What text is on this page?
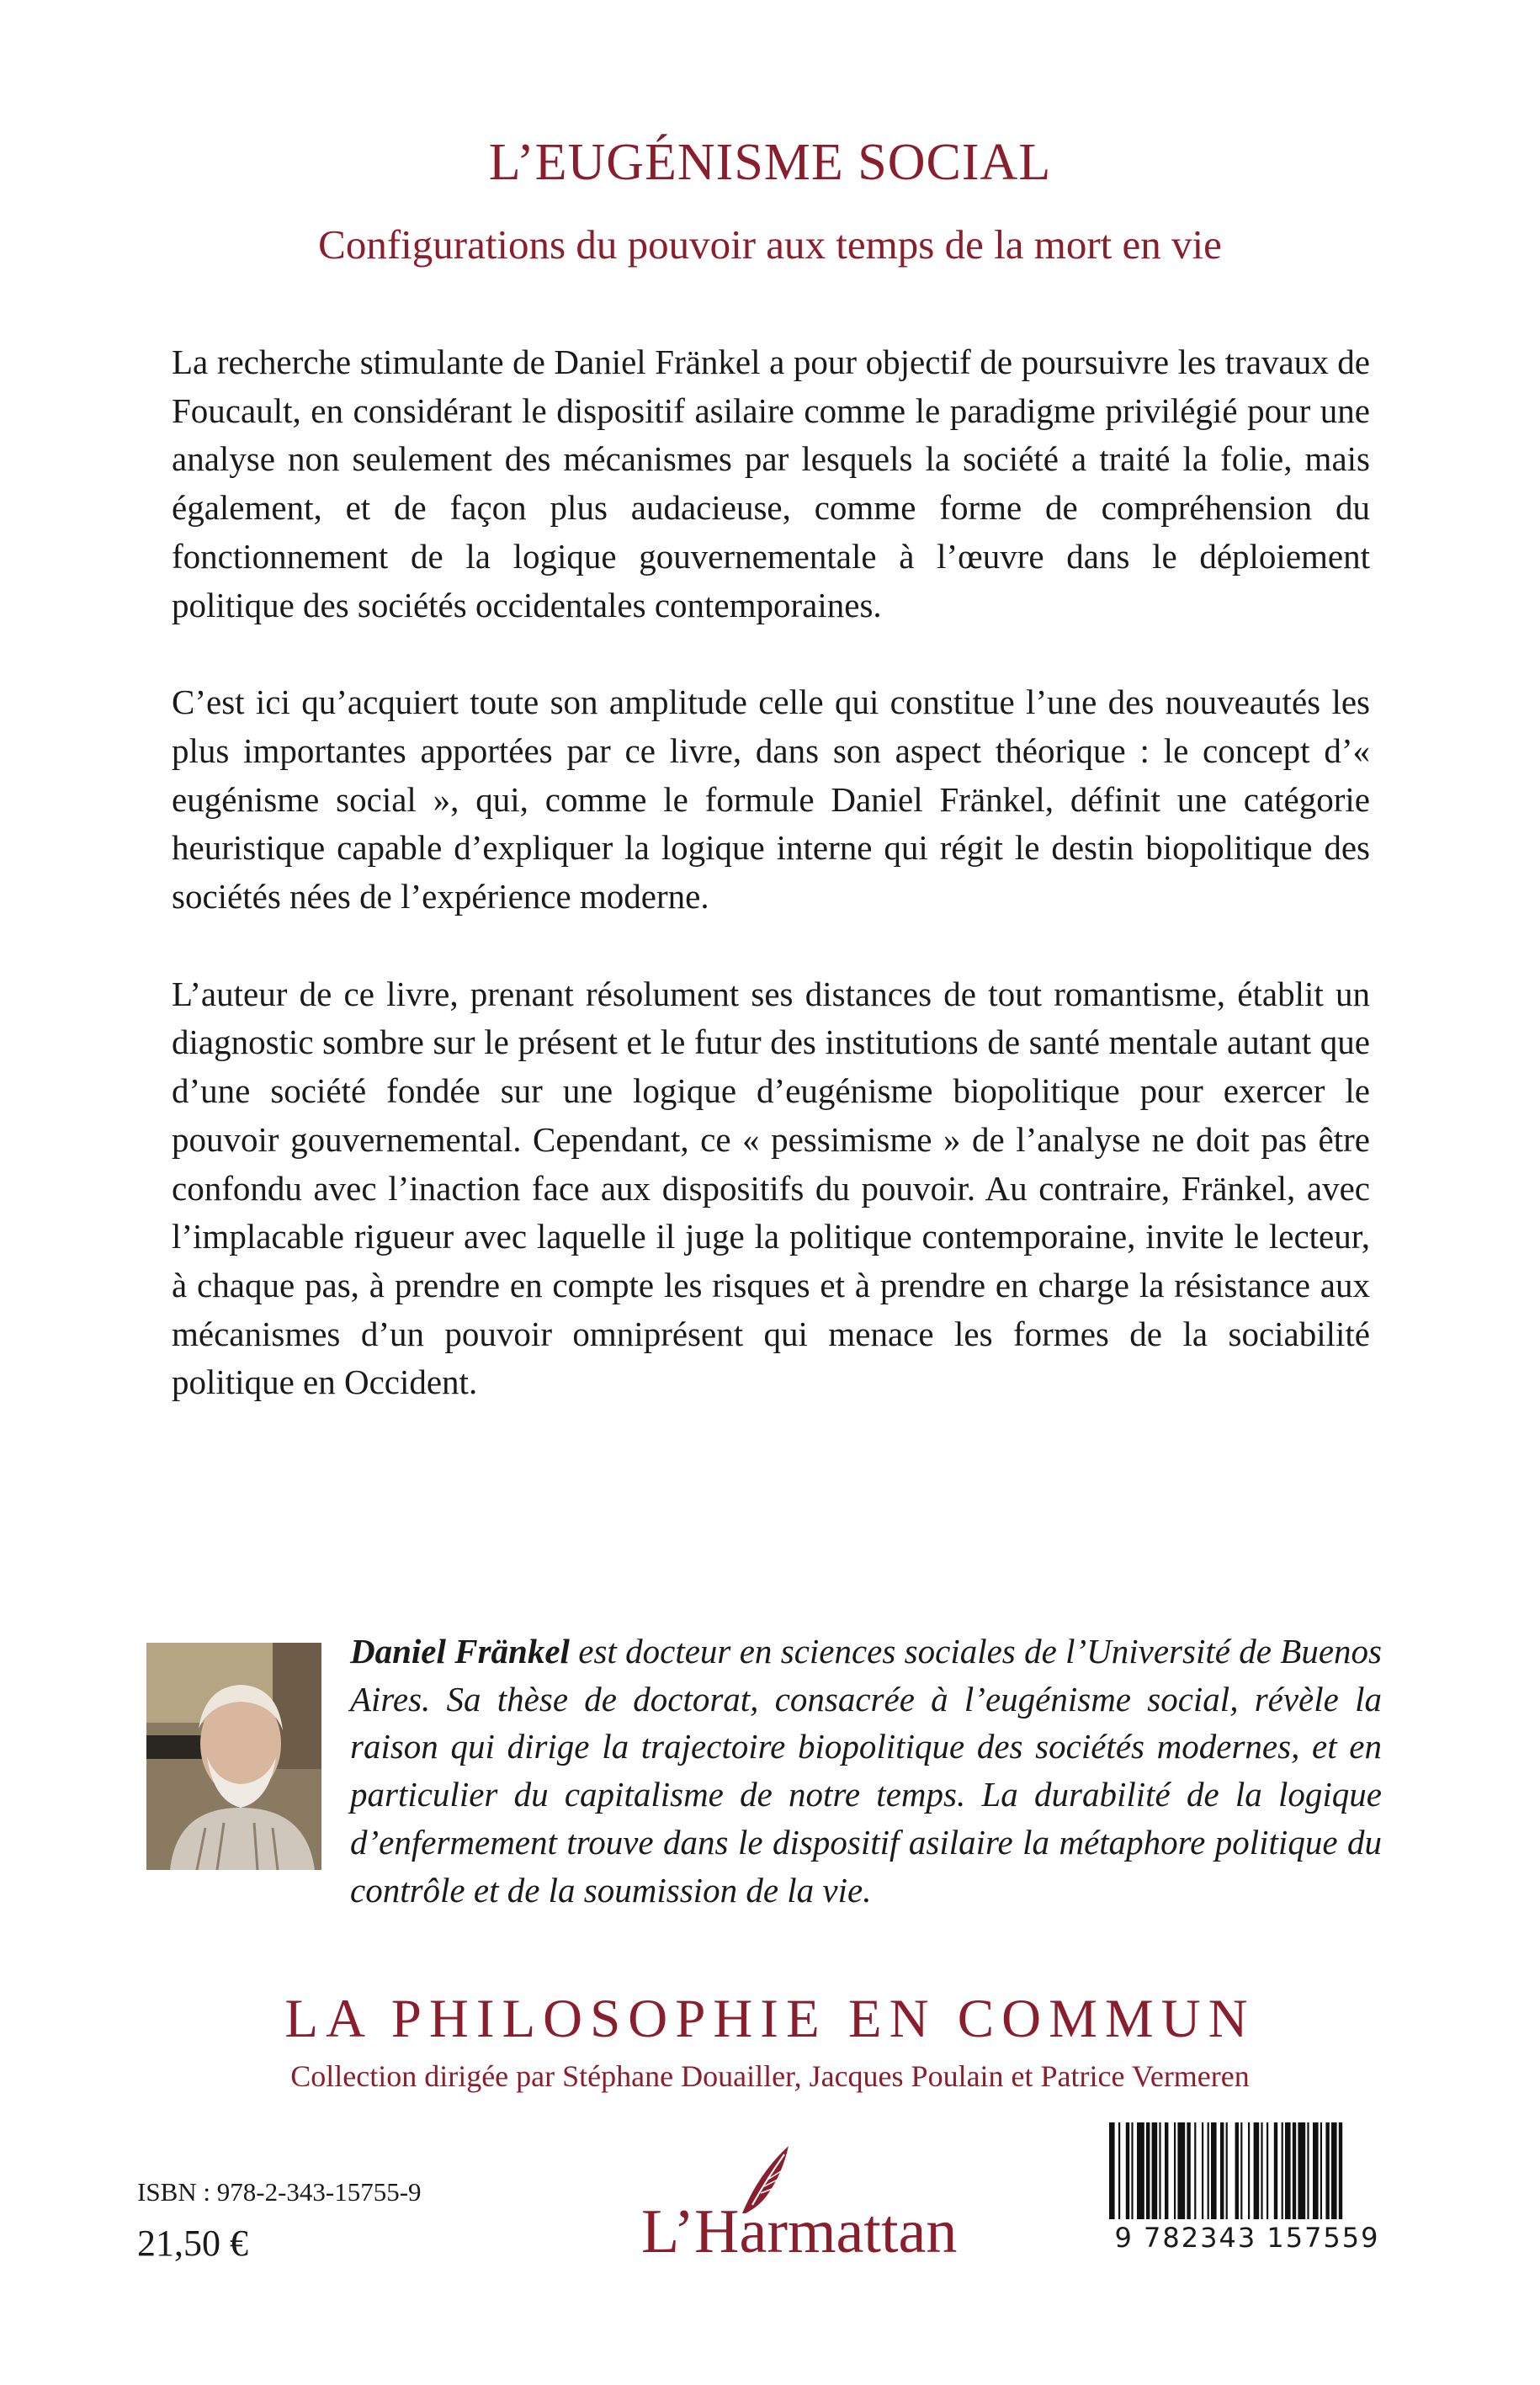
L’EUGÉNISME SOCIAL
Configurations du pouvoir aux temps de la mort en vie

La recherche stimulante de Daniel Fränkel a pour objectif de poursuivre les travaux de Foucault, en considérant le dispositif asilaire comme le paradigme privilégié pour une analyse non seulement des mécanismes par lesquels la société a traité la folie, mais également, et de façon plus audacieuse, comme forme de compréhension du fonctionnement de la logique gouvernementale à l’œuvre dans le déploiement politique des sociétés occidentales contemporaines.

C’est ici qu’acquiert toute son amplitude celle qui constitue l’une des nouveautés les plus importantes apportées par ce livre, dans son aspect théorique : le concept d’« eugénisme social », qui, comme le formule Daniel Fränkel, définit une catégorie heuristique capable d’expliquer la logique interne qui régit le destin biopolitique des sociétés nées de l’expérience moderne.

L’auteur de ce livre, prenant résolument ses distances de tout romantisme, établit un diagnostic sombre sur le présent et le futur des institutions de santé mentale autant que d’une société fondée sur une logique d’eugénisme biopolitique pour exercer le pouvoir gouvernemental. Cependant, ce « pessimisme » de l’analyse ne doit pas être confondu avec l’inaction face aux dispositifs du pouvoir. Au contraire, Fränkel, avec l’implacable rigueur avec laquelle il juge la politique contemporaine, invite le lecteur, à chaque pas, à prendre en compte les risques et à prendre en charge la résistance aux mécanismes d’un pouvoir omniprésent qui menace les formes de la sociabilité politique en Occident.

Daniel Fränkel est docteur en sciences sociales de l’Université de Buenos Aires. Sa thèse de doctorat, consacrée à l’eugénisme social, révèle la raison qui dirige la trajectoire biopolitique des sociétés modernes, et en particulier du capitalisme de notre temps. La durabilité de la logique d’enfermement trouve dans le dispositif asilaire la métaphore politique du contrôle et de la soumission de la vie.
LA PHILOSOPHIE EN COMMUN
Collection dirigée par Stéphane Douailler, Jacques Poulain et Patrice Vermeren
ISBN : 978-2-343-15755-9
21,50 €	L’Harmattan	9 782343 157559
